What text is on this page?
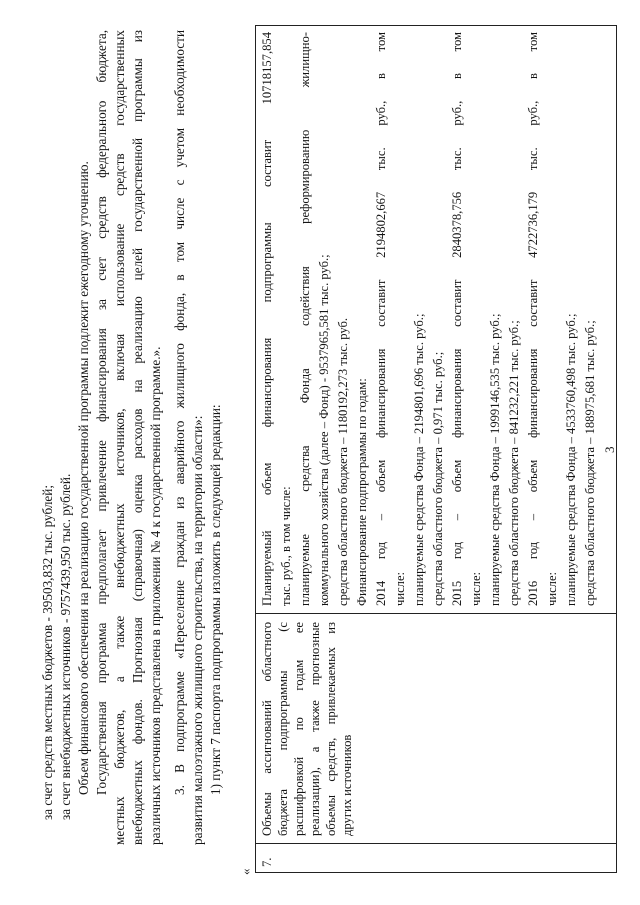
3
за счет средств местных бюджетов - 39503,832 тыс. рублей; за счет внебюджетных источников - 9757439,950 тыс. рублей. Объем финансового обеспечения на реализацию государственной программы подлежит ежегодному уточнению. Государственная программа предполагает привлечение финансирования за счет средств федерального бюджета, местных бюджетов, а также внебюджетных источников, включая использование средств государственных внебюджетных фондов. Прогнозная (справочная) оценка расходов на реализацию целей государственной программы из различных источников представлена в приложении № 4 к государственной программе.». 3. В подпрограмме «Переселение граждан из аварийного жилищного фонда, в том числе с учетом необходимости развития малоэтажного жилищного строительства, на территории области»: 1) пункт 7 паспорта подпрограммы изложить в следующей редакции:
«
7.
Объемы ассигнований областного бюджета подпрограммы (с расшифровкой по годам ее реализации), а также прогнозные объемы средств, привлекаемых из других источников
Планируемый объем финансирования подпрограммы составит 10718157,854 тыс. руб., в том числе: планируемые средства Фонда содействия реформированию жилищно- коммунального хозяйства (далее – Фонд) - 9537965,581 тыс. руб.; средства областного бюджета – 1180192,273 тыс. руб. Финансирование подпрограммы по годам: 2014 год – объем финансирования составит 2194802,667 тыс. руб., в том числе: планируемые средства Фонда – 2194801,696 тыс. руб.; средства областного бюджета – 0,971 тыс. руб.; 2015 год – объем финансирования составит 2840378,756 тыс. руб., в том числе: планируемые средства Фонда – 1999146,535 тыс. руб.; средства областного бюджета – 841232,221 тыс. руб.; 2016 год – объем финансирования составит 4722736,179 тыс. руб., в том числе: планируемые средства Фонда – 4533760,498 тыс. руб.; средства областного бюджета – 188975,681 тыс. руб.;
